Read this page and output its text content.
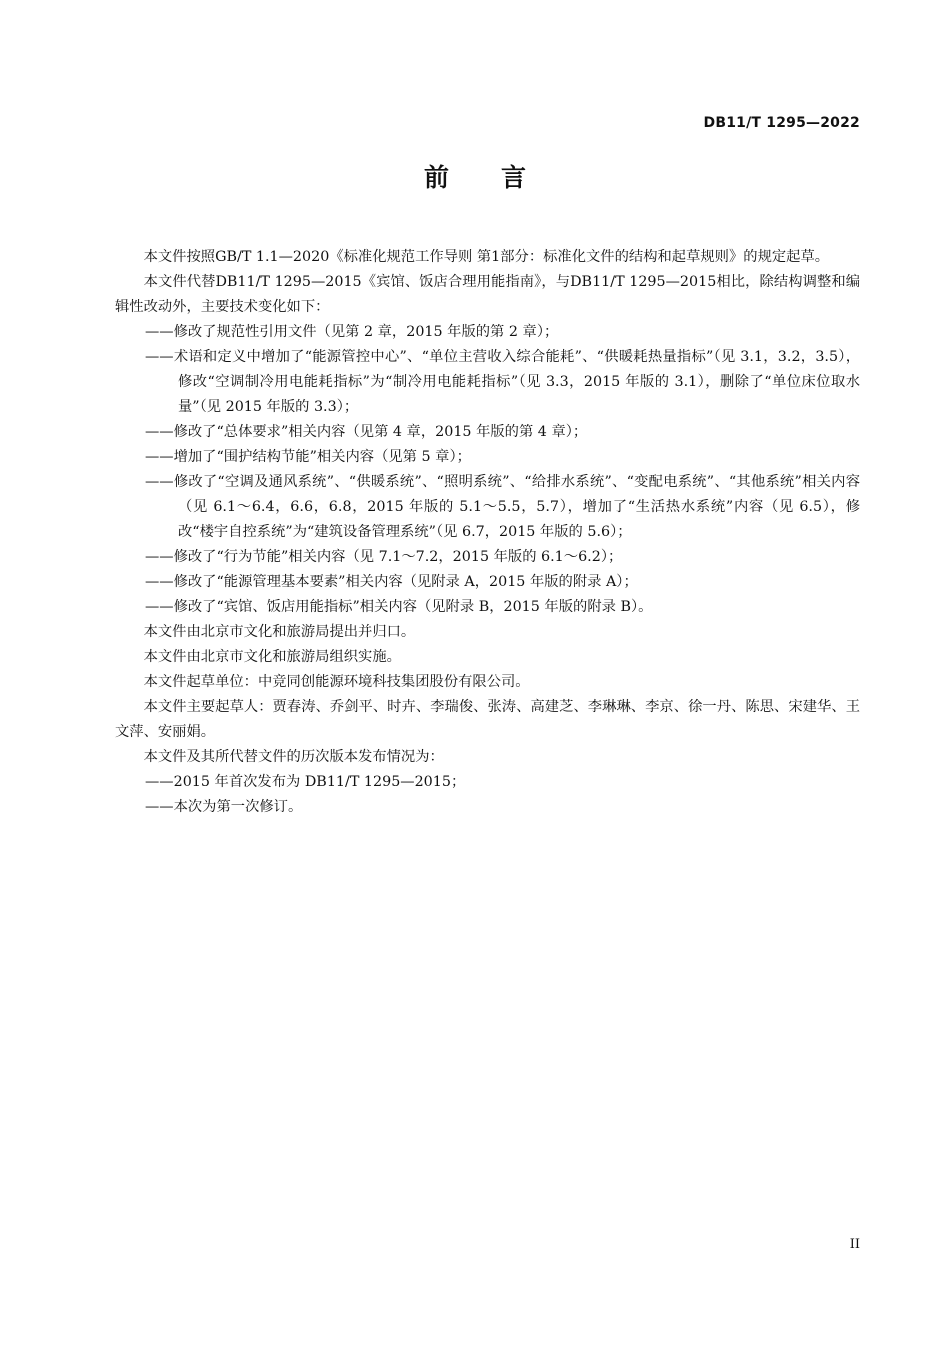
DB11/T 1295—2022
前 言

本文件按照GB/T 1.1—2020《标准化规范工作导则 第1部分：标准化文件的结构和起草规则》的规定起草。

本文件代替DB11/T 1295—2015《宾馆、饭店合理用能指南》，与DB11/T 1295—2015相比，除结构调整和编辑性改动外，主要技术变化如下：

——修改了规范性引用文件（见第 2 章，2015 年版的第 2 章）；

——术语和定义中增加了“能源管控中心”、“单位主营收入综合能耗”、“供暖耗热量指标”（见 3.1，3.2，3.5），修改“空调制冷用电能耗指标”为“制冷用电能耗指标”（见 3.3，2015 年版的 3.1），删除了“单位床位取水量”（见 2015 年版的 3.3）；

——修改了“总体要求”相关内容（见第 4 章，2015 年版的第 4 章）；

——增加了“围护结构节能”相关内容（见第 5 章）；

——修改了“空调及通风系统”、“供暖系统”、“照明系统”、“给排水系统”、“变配电系统”、“其他系统”相关内容（见 6.1～6.4，6.6，6.8，2015 年版的 5.1～5.5，5.7），增加了“生活热水系统”内容（见 6.5），修改“楼宇自控系统”为“建筑设备管理系统”（见 6.7，2015 年版的 5.6）；

——修改了“行为节能”相关内容（见 7.1～7.2，2015 年版的 6.1～6.2）；

——修改了“能源管理基本要素”相关内容（见附录 A，2015 年版的附录 A）；

——修改了“宾馆、饭店用能指标”相关内容（见附录 B，2015 年版的附录 B）。

本文件由北京市文化和旅游局提出并归口。

本文件由北京市文化和旅游局组织实施。

本文件起草单位：中竞同创能源环境科技集团股份有限公司。

本文件主要起草人：贾春涛、乔剑平、时卉、李瑞俊、张涛、高建芝、李琳琳、李京、徐一丹、陈思、宋建华、王文萍、安丽娟。

本文件及其所代替文件的历次版本发布情况为：

——2015 年首次发布为 DB11/T 1295—2015；

——本次为第一次修订。

II
